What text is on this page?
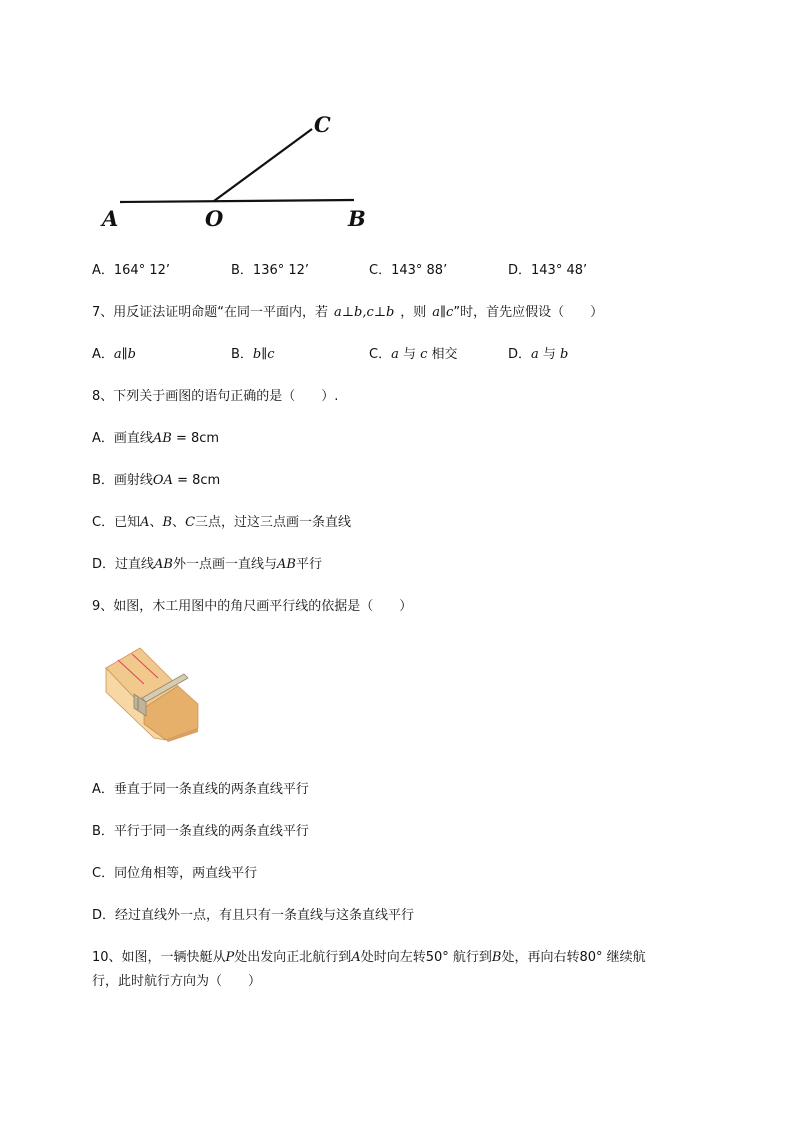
A	O	B
C
A．164° 12’	B．136° 12’	C．143° 88’	D．143° 48’
7、用反证法证明命题“在同一平面内，若 a⊥b,c⊥b ，则 a∥c”时，首先应假设（　　）
A．a∥b	B．b∥c	C．a 与 c 相交	D．a 与 b
8、下列关于画图的语句正确的是（　　）.
A．画直线AB = 8cm
B．画射线OA = 8cm
C．已知A、B、C三点，过这三点画一条直线
D．过直线AB外一点画一直线与AB平行
9、如图，木工用图中的角尺画平行线的依据是（　　）
A．垂直于同一条直线的两条直线平行
B．平行于同一条直线的两条直线平行
C．同位角相等，两直线平行
D．经过直线外一点，有且只有一条直线与这条直线平行
10、如图，一辆快艇从P处出发向正北航行到A处时向左转50° 航行到B处，再向右转80° 继续航
行，此时航行方向为（　　）
